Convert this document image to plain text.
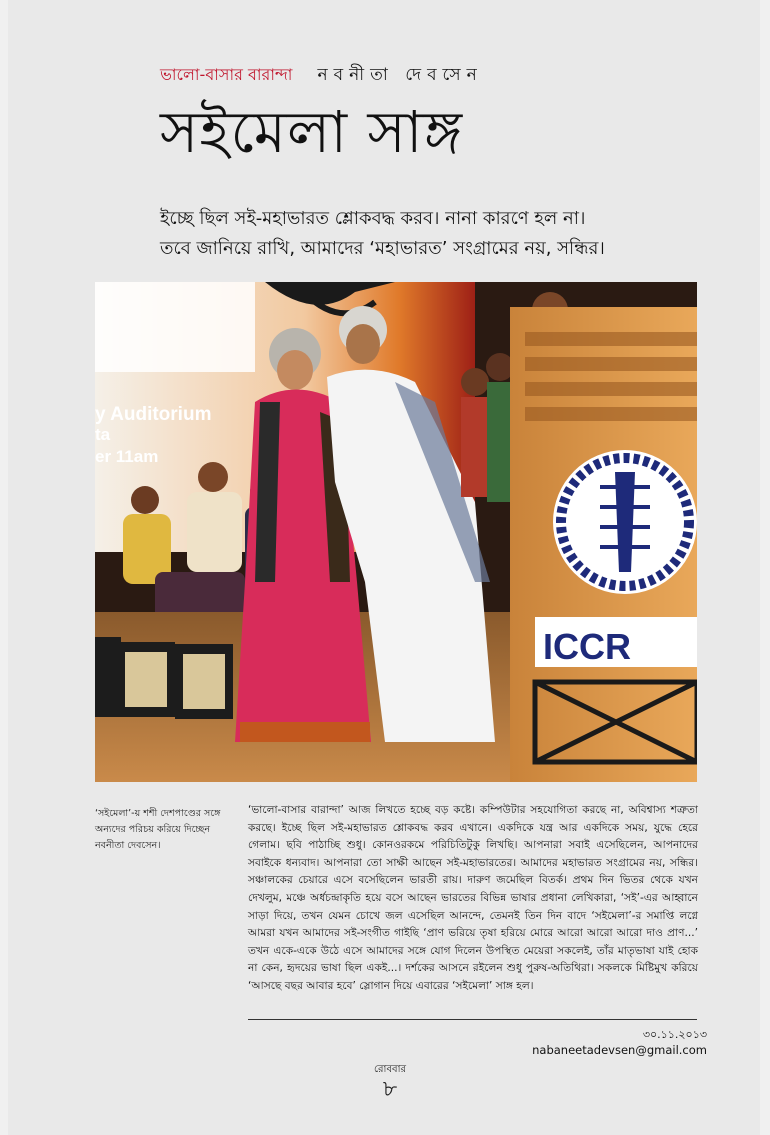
ভালো-বাসার বারান্দা নবনীতা দেবসেন
সইমেলা সাঙ্গ
ইচ্ছে ছিল সই-মহাভারত শ্লোকবদ্ধ করব। নানা কারণে হল না।
তবে জানিয়ে রাখি, আমাদের ‘মহাভারত’ সংগ্রামের নয়, সন্ধির।
y Auditorium
ta
er 11am
ICCR
‘সইমেলা’-য় শশী দেশপাণ্ডের সঙ্গে অন্যদের পরিচয় করিয়ে দিচ্ছেন নবনীতা দেবসেন।
‘ভালো-বাসার বারান্দা’ আজ লিখতে হচ্ছে বড় কষ্টে। কম্পিউটার সহযোগিতা করছে না, অবিশ্বাস্য শত্রুতা করছে। ইচ্ছে ছিল সই-মহাভারত শ্লোকবদ্ধ করব এখানে। একদিকে যন্ত্র আর একদিকে সময়, যুদ্ধে হেরে গেলাম। ছবি পাঠাচ্ছি শুধু। কোনওরকমে পরিচিতিটুকু লিখছি। আপনারা সবাই এসেছিলেন, আপনাদের সবাইকে ধন্যবাদ। আপনারা তো সাক্ষী আছেন সই-মহাভারতের। আমাদের মহাভারত সংগ্রামের নয়, সন্ধির। সঞ্চালকের চেয়ারে এসে বসেছিলেন ভারতী রায়। দারুণ জমেছিল বিতর্ক। প্রথম দিন ভিতর থেকে যখন দেখলুম, মঞ্চে অর্ধচন্দ্রাকৃতি হয়ে বসে আছেন ভারতের বিভিন্ন ভাষার প্রধানা লেখিকারা, ‘সই’-এর আহ্বানে সাড়া দিয়ে, তখন যেমন চোখে জল এসেছিল আনন্দে, তেমনই তিন দিন বাদে ‘সইমেলা’-র সমাপ্তি লগ্নে আমরা যখন আমাদের সই-সংগীত গাইছি ‘প্রাণ ভরিয়ে তৃষা হরিয়ে মোরে আরো আরো আরো দাও প্রাণ...’ তখন একে-একে উঠে এসে আমাদের সঙ্গে যোগ দিলেন উপস্থিত মেয়েরা সকলেই, তাঁর মাতৃভাষা যাই হোক না কেন, হৃদয়ের ভাষা ছিল একই...। দর্শকের আসনে রইলেন শুধু পুরুষ-অতিথিরা। সকলকে মিষ্টিমুখ করিয়ে ‘আসছে বছর আবার হবে’ স্লোগান দিয়ে এবারের ‘সইমেলা’ সাঙ্গ হল।
৩০.১১.২০১৩
nabaneetadevsen@gmail.com
রোববার
৮
